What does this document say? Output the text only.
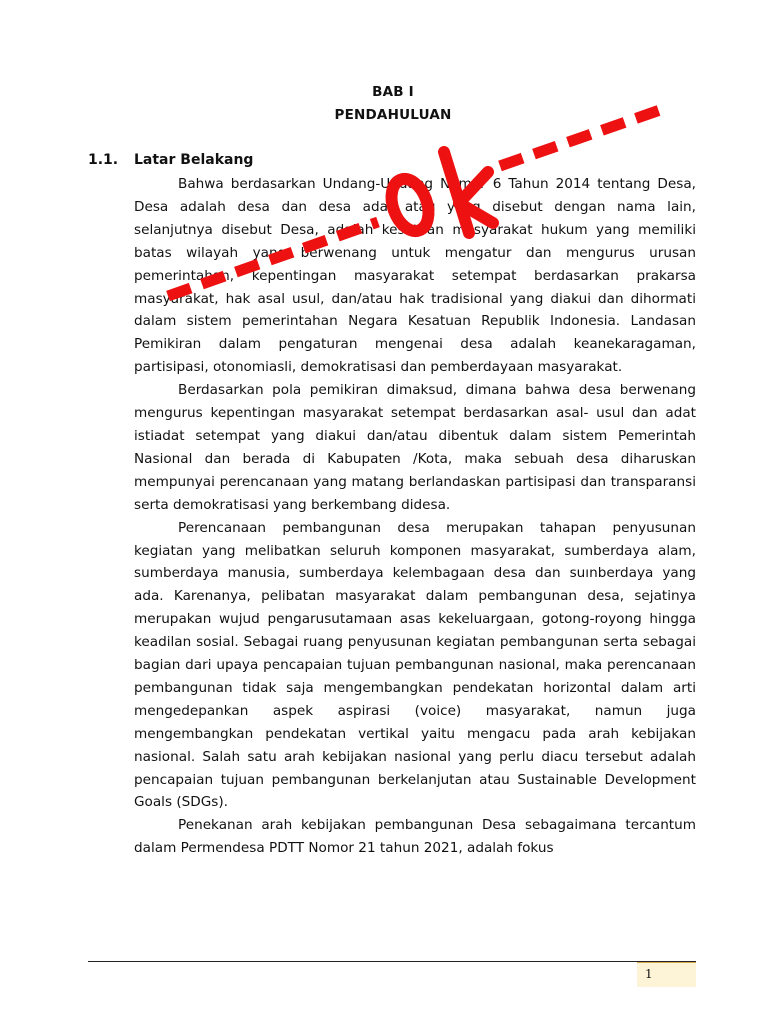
BAB I
PENDAHULUAN
1.1. Latar Belakang

Bahwa berdasarkan Undang-Undang Nomor 6 Tahun 2014 tentang Desa, Desa adalah desa dan desa adat atau yang disebut dengan nama lain, selanjutnya disebut Desa, adalah kesatuan masyarakat hukum yang memiliki batas wilayah yang berwenang untuk mengatur dan mengurus urusan pemerintahan, kepentingan masyarakat setempat berdasarkan prakarsa masyarakat, hak asal usul, dan/atau hak tradisional yang diakui dan dihormati dalam sistem pemerintahan Negara Kesatuan Republik Indonesia. Landasan Pemikiran dalam pengaturan mengenai desa adalah keanekaragaman, partisipasi, otonomiasli, demokratisasi dan pemberdayaan masyarakat.

Berdasarkan pola pemikiran dimaksud, dimana bahwa desa berwenang mengurus kepentingan masyarakat setempat berdasarkan asal- usul dan adat istiadat setempat yang diakui dan/atau dibentuk dalam sistem Pemerintah Nasional dan berada di Kabupaten /Kota, maka sebuah desa diharuskan mempunyai perencanaan yang matang berlandaskan partisipasi dan transparansi serta demokratisasi yang berkembang didesa.

Perencanaan pembangunan desa merupakan tahapan penyusunan kegiatan yang melibatkan seluruh komponen masyarakat, sumberdaya alam, sumberdaya manusia, sumberdaya kelembagaan desa dan suınberdaya yang ada. Karenanya, pelibatan masyarakat dalam pembangunan desa, sejatinya merupakan wujud pengarusutamaan asas kekeluargaan, gotong-royong hingga keadilan sosial. Sebagai ruang penyusunan kegiatan pembangunan serta sebagai bagian dari upaya pencapaian tujuan pembangunan nasional, maka perencanaan pembangunan tidak saja mengembangkan pendekatan horizontal dalam arti mengedepankan aspek aspirasi (voice) masyarakat, namun juga mengembangkan pendekatan vertikal yaitu mengacu pada arah kebijakan nasional. Salah satu arah kebijakan nasional yang perlu diacu tersebut adalah pencapaian tujuan pembangunan berkelanjutan atau Sustainable Development Goals (SDGs).

Penekanan arah kebijakan pembangunan Desa sebagaimana tercantum dalam Permendesa PDTT Nomor 21 tahun 2021, adalah fokus

1
